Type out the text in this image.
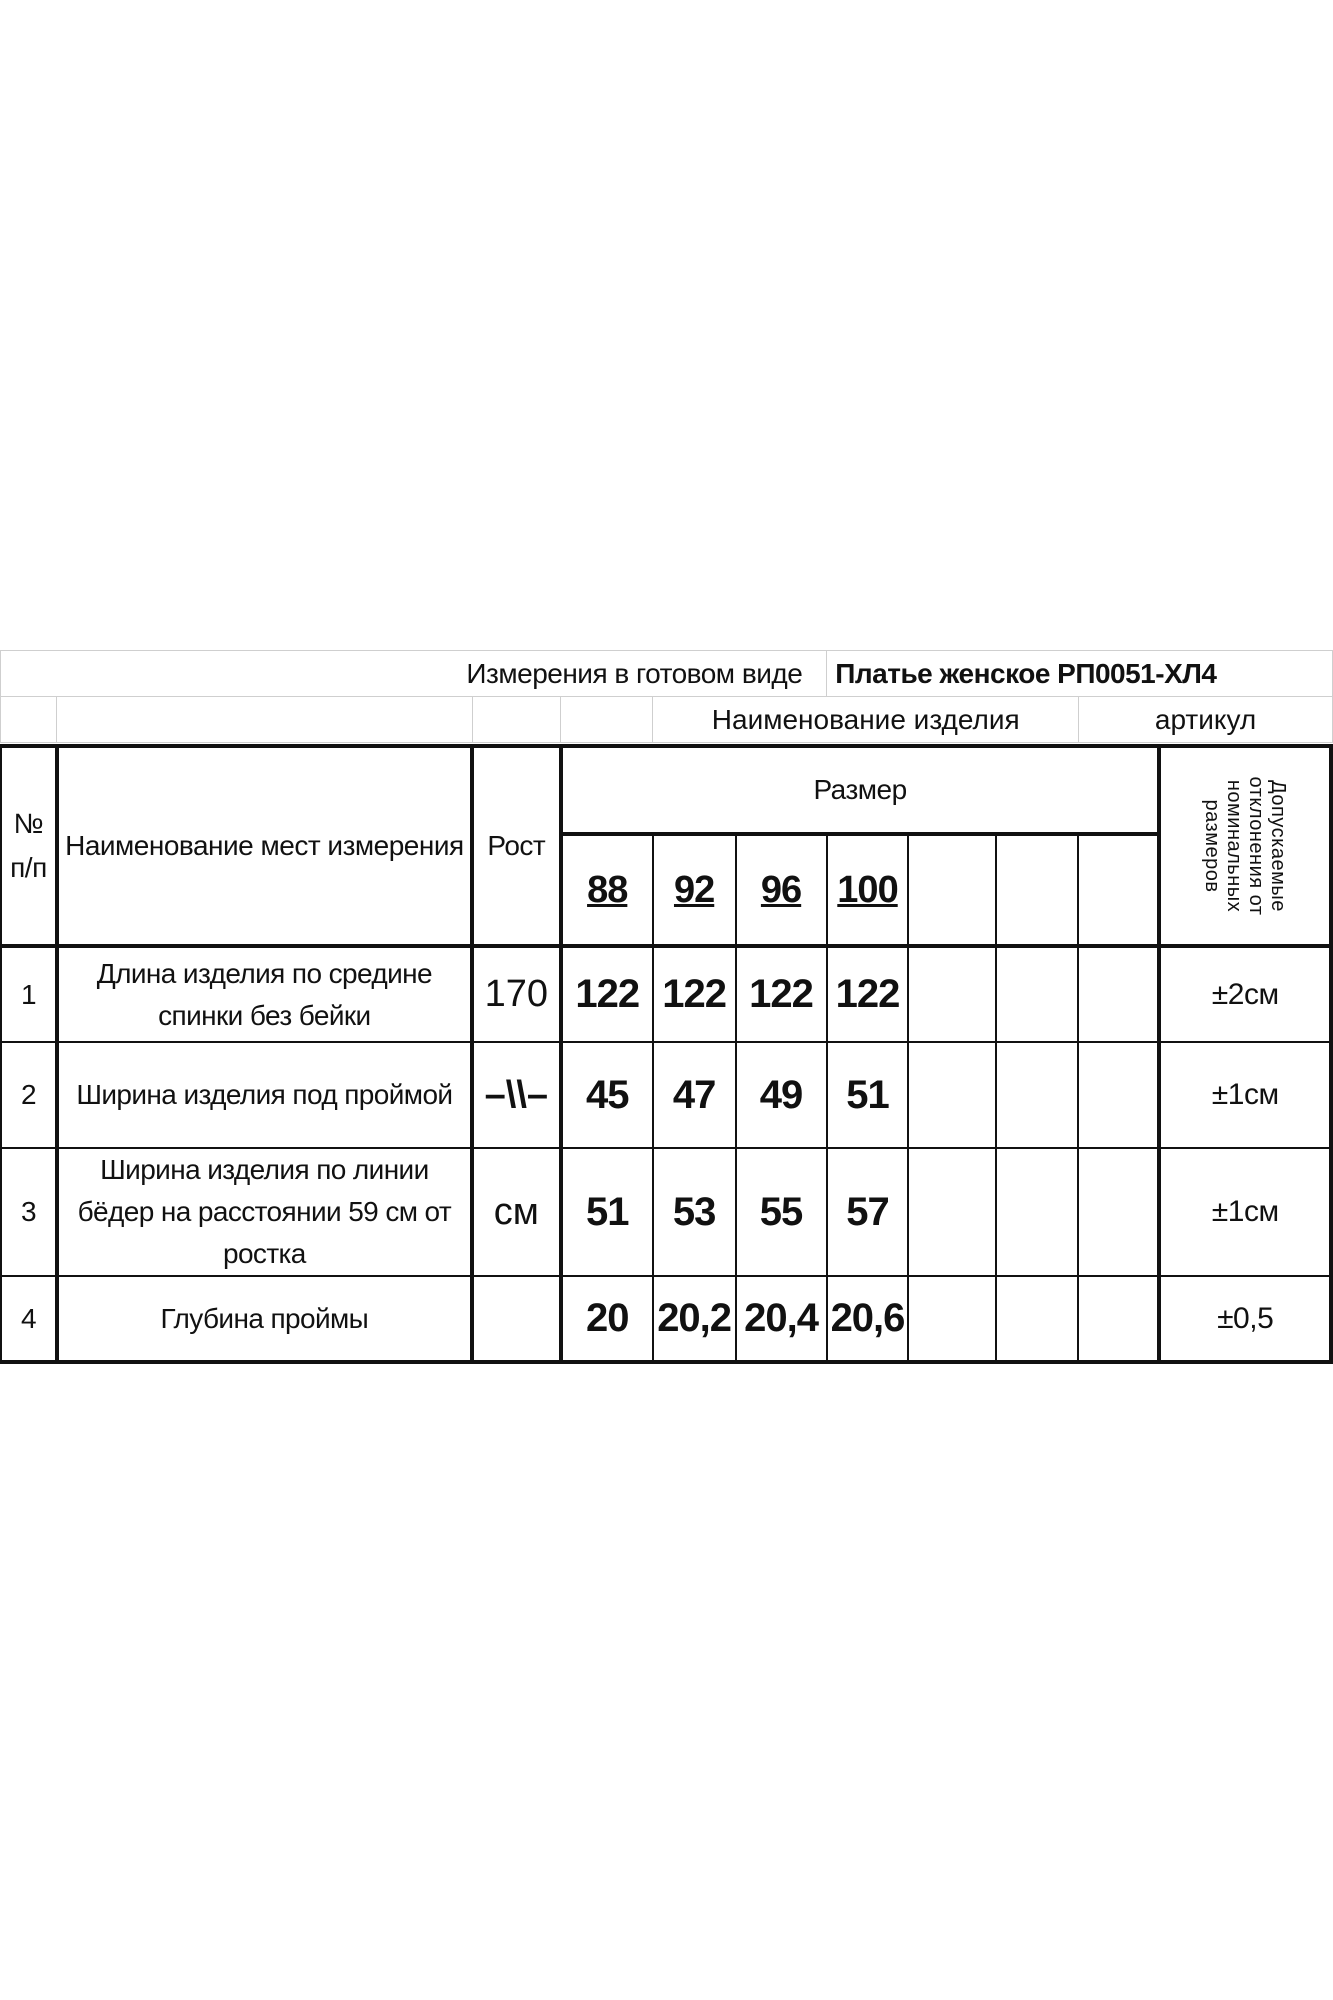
Измерения в готовом виде					Платье женское РП0051-ХЛ4	
				Наименование изделия		артикул
№ п/п	Наименование мест измерения	Рост	Размер							Допускаемые отклонения от номинальных размеров

			88	92	96	100				
1	Длина изделия по средине спинки без бейки	170	122	122	122	122				±2см
2	Ширина изделия под проймой	–\\–	45	47	49	51				±1см
3	Ширина изделия по линии бёдер на расстоянии 59 см от ростка	см	51	53	55	57				±1см
4	Глубина проймы		20	20,2	20,4	20,6				±0,5
